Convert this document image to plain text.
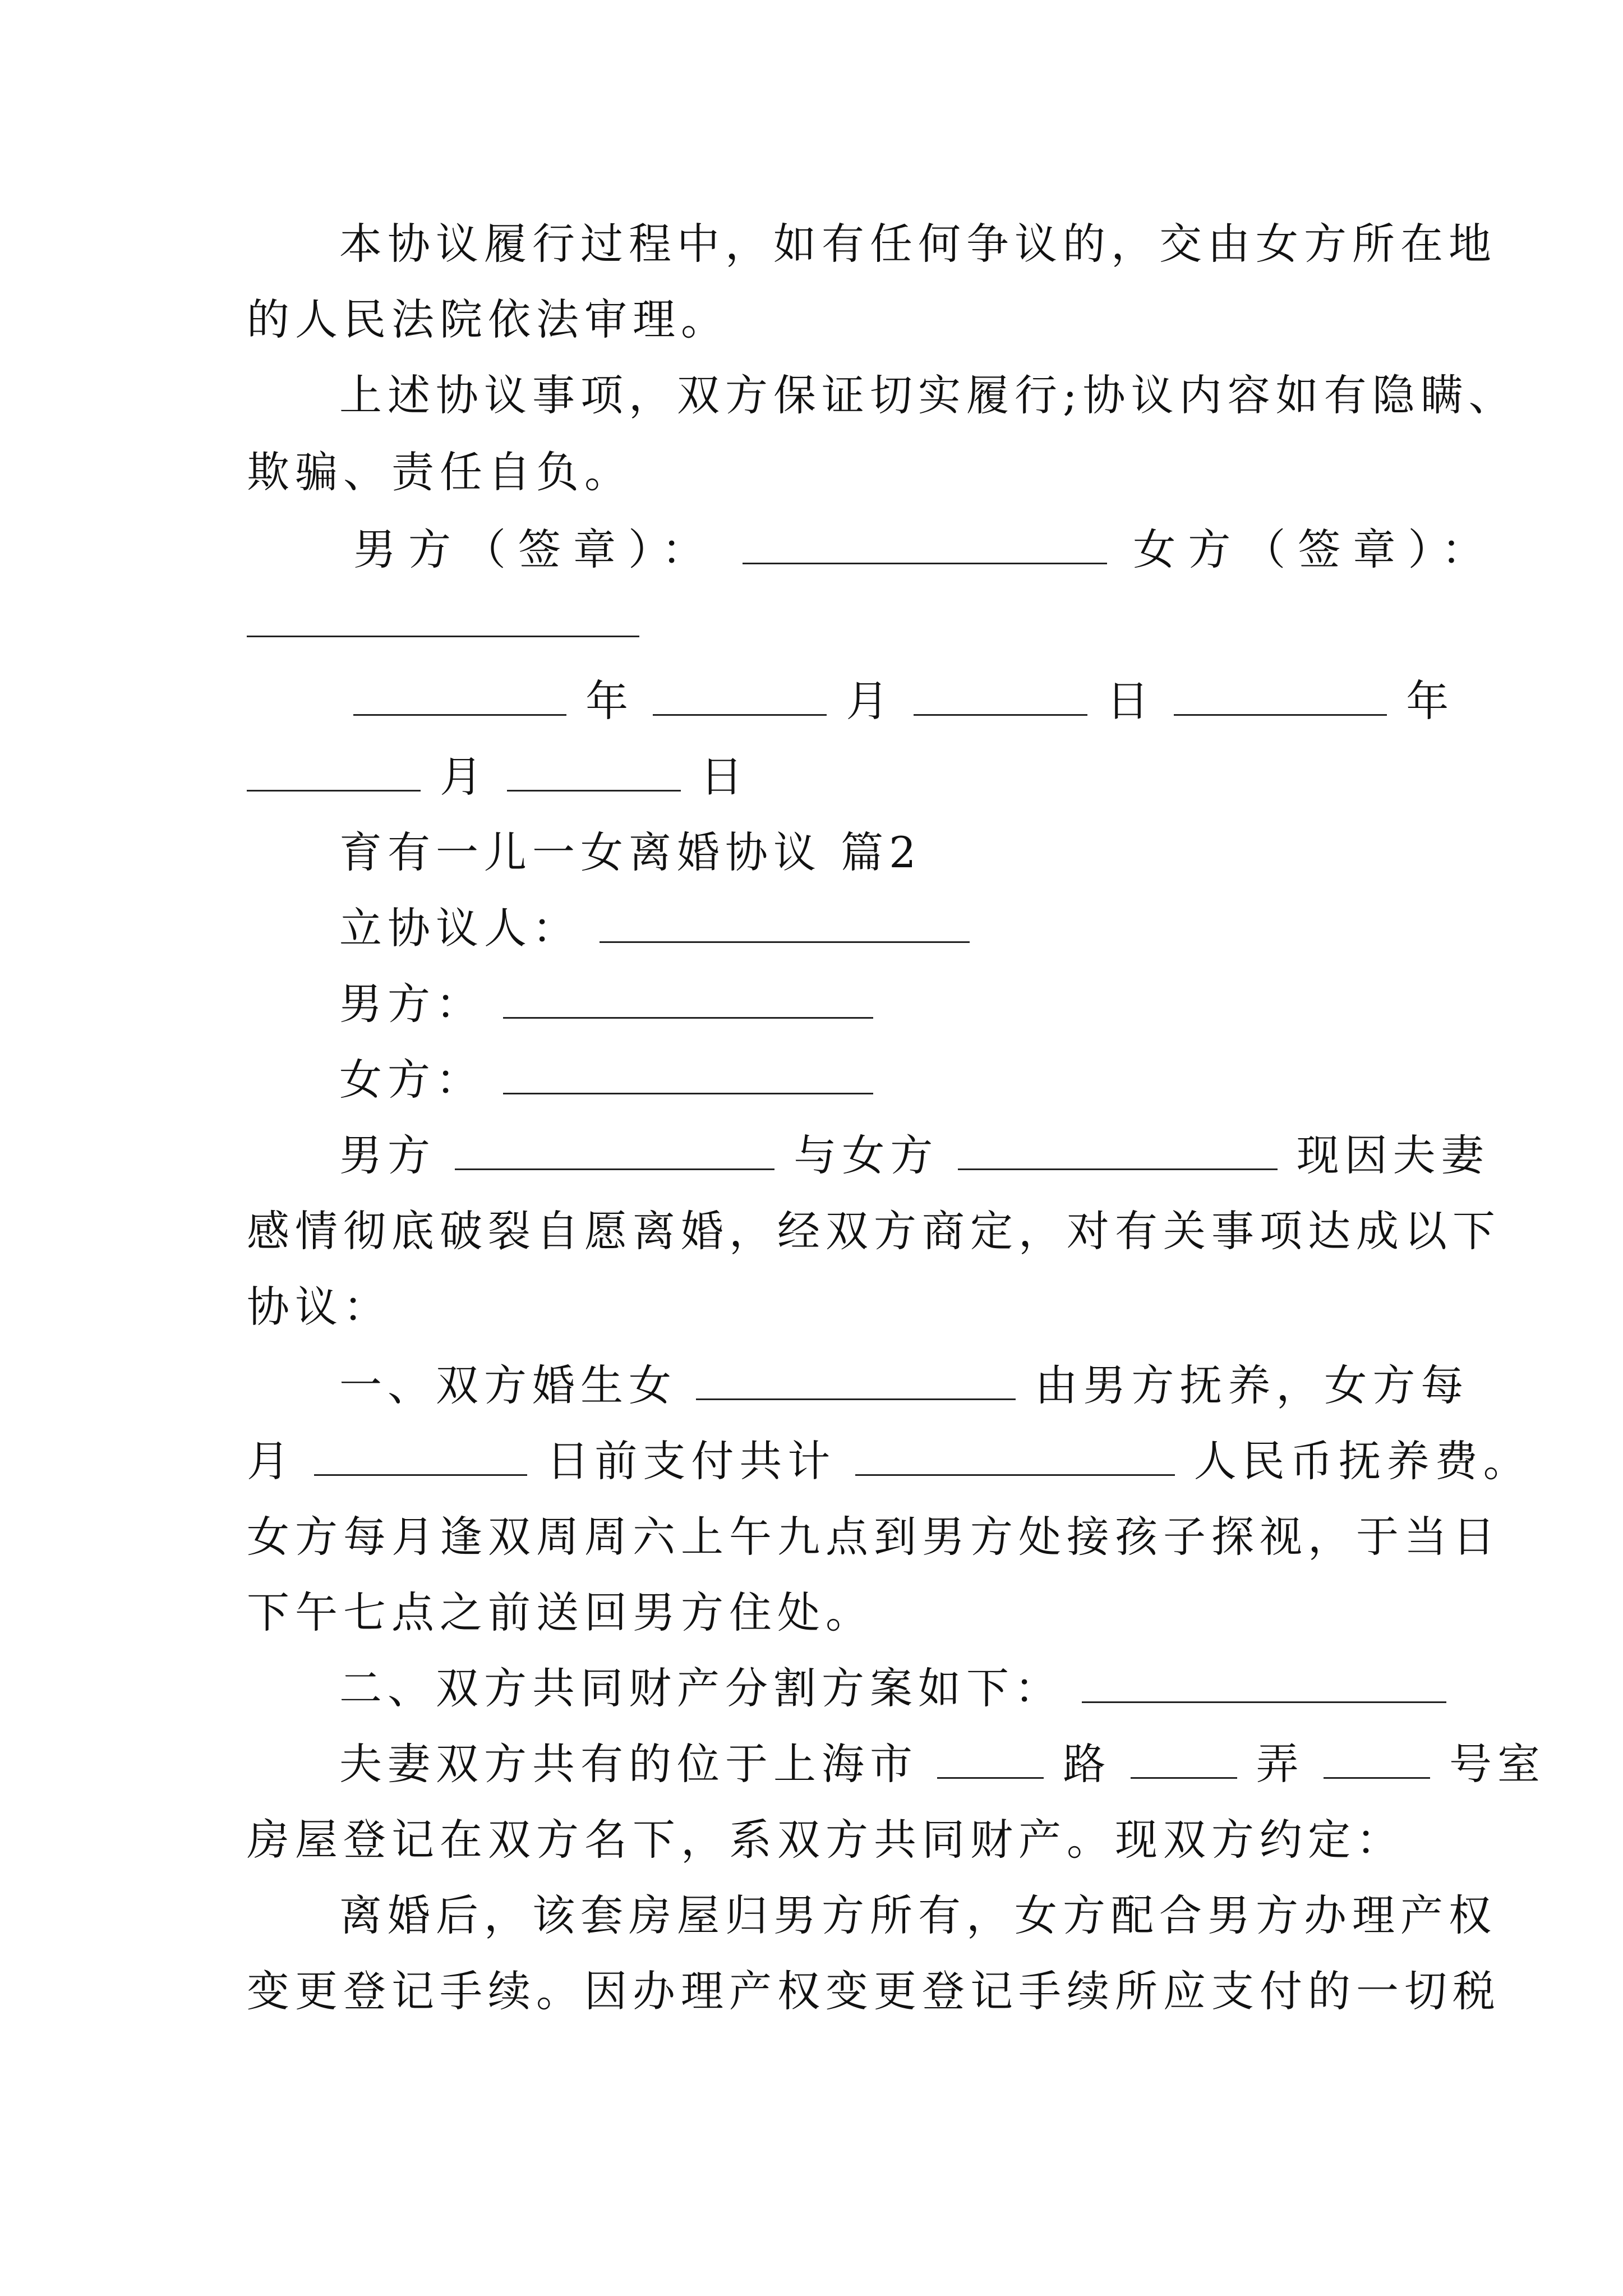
本协议履行过程中，如有任何争议的，交由女方所在地
的人民法院依法审理。
上述协议事项，双方保证切实履行;协议内容如有隐瞒、
欺骗、责任自负。
男方（签章）：	女方（签章）：
年	月	日	年
月	日
育有一儿一女离婚协议 篇2
立协议人：
男方：
女方：
男方	与女方	现因夫妻
感情彻底破裂自愿离婚，经双方商定，对有关事项达成以下
协议：
一、双方婚生女	由男方抚养，女方每
月	日前支付共计	人民币抚养费。
女方每月逢双周周六上午九点到男方处接孩子探视，于当日
下午七点之前送回男方住处。
二、双方共同财产分割方案如下：
夫妻双方共有的位于上海市	路	弄	号室
房屋登记在双方名下，系双方共同财产。现双方约定：
离婚后，该套房屋归男方所有，女方配合男方办理产权
变更登记手续。因办理产权变更登记手续所应支付的一切税
